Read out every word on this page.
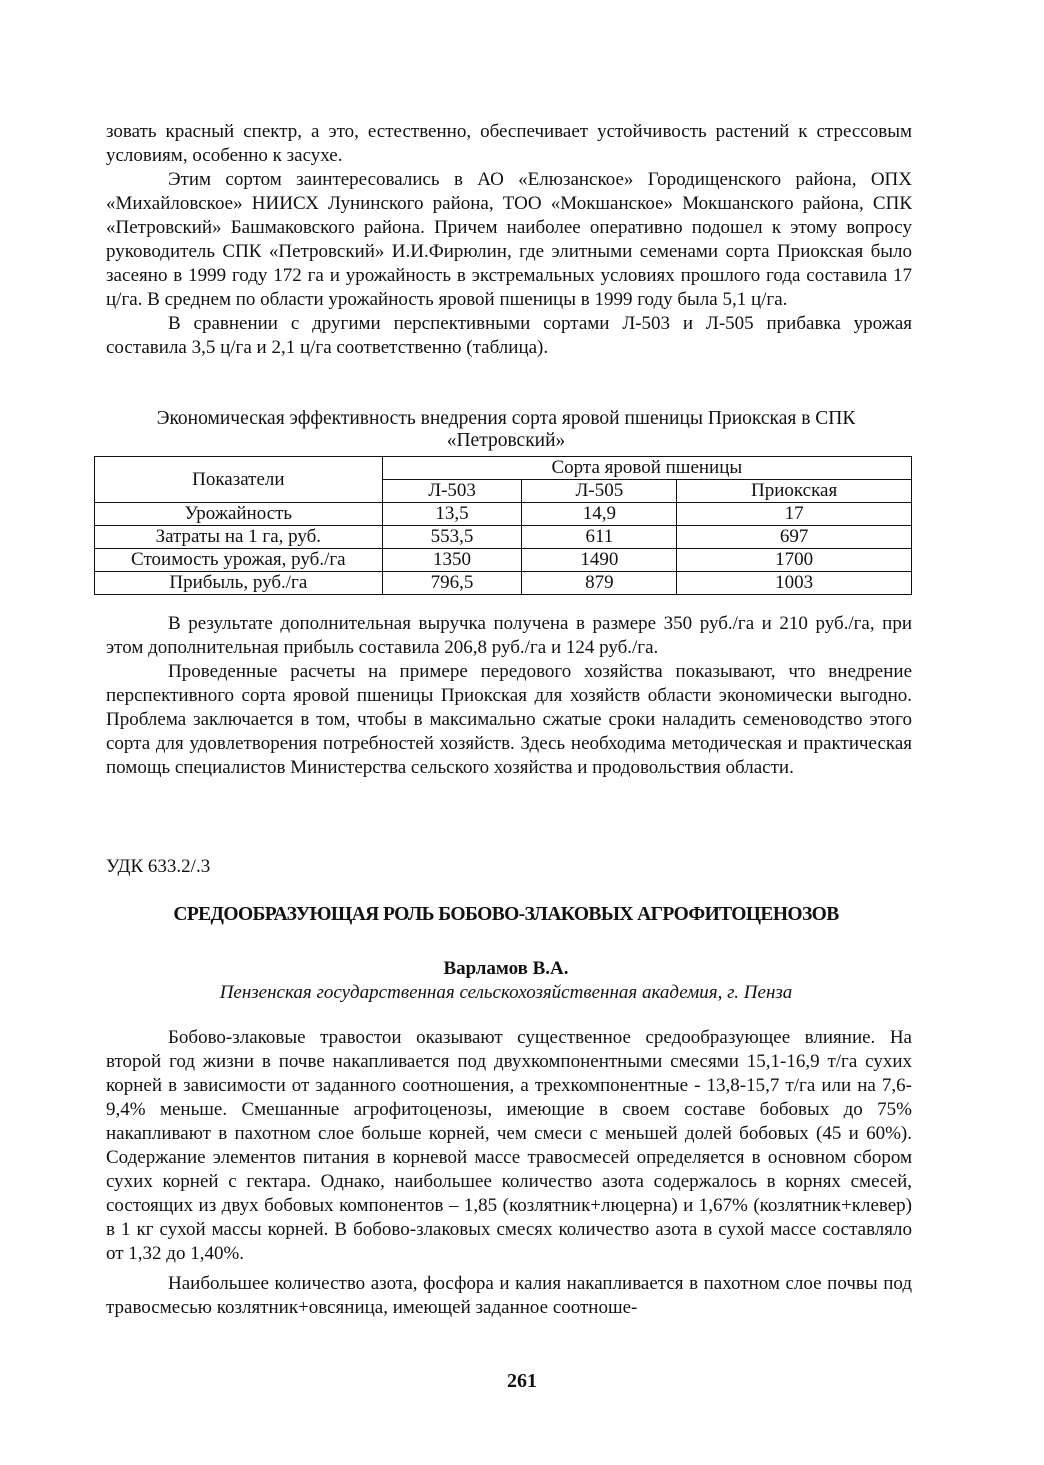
зовать красный спектр, а это, естественно, обеспечивает устойчивость растений к стрессовым условиям, особенно к засухе.

Этим сортом заинтересовались в АО «Елюзанское» Городищенского района, ОПХ «Михайловское» НИИСХ Лунинского района, ТОО «Мокшанское» Мокшанского района, СПК «Петровский» Башмаковского района. Причем наиболее оперативно подошел к этому вопросу руководитель СПК «Петровский» И.И.Фирюлин, где элитными семенами сорта Приокская было засеяно в 1999 году 172 га и урожайность в экстремальных условиях прошлого года составила 17 ц/га. В среднем по области урожайность яровой пшеницы в 1999 году была 5,1 ц/га.

В сравнении с другими перспективными сортами Л-503 и Л-505 прибавка урожая составила 3,5 ц/га и 2,1 ц/га соответственно (таблица).

Экономическая эффективность внедрения сорта яровой пшеницы Приокская в СПК «Петровский»
Показатели	Сорта яровой пшеницы		
	Л-503	Л-505	Приокская
Урожайность	13,5	14,9	17
Затраты на 1 га, руб.	553,5	611	697
Стоимость урожая, руб./га	1350	1490	1700
Прибыль, руб./га	796,5	879	1003

В результате дополнительная выручка получена в размере 350 руб./га и 210 руб./га, при этом дополнительная прибыль составила 206,8 руб./га и 124 руб./га.

Проведенные расчеты на примере передового хозяйства показывают, что внедрение перспективного сорта яровой пшеницы Приокская для хозяйств области экономически выгодно. Проблема заключается в том, чтобы в максимально сжатые сроки наладить семеноводство этого сорта для удовлетворения потребностей хозяйств. Здесь необходима методическая и практическая помощь специалистов Министерства сельского хозяйства и продовольствия области.

УДК 633.2/.3
СРЕДООБРАЗУЮЩАЯ РОЛЬ БОБОВО-ЗЛАКОВЫХ АГРОФИТОЦЕНОЗОВ
Варламов В.А.
Пензенская государственная сельскохозяйственная академия, г. Пенза

Бобово-злаковые травостои оказывают существенное средообразующее влияние. На второй год жизни в почве накапливается под двухкомпонентными смесями 15,1-16,9 т/га сухих корней в зависимости от заданного соотношения, а трехкомпонентные - 13,8-15,7 т/га или на 7,6-9,4% меньше. Смешанные агрофитоценозы, имеющие в своем составе бобовых до 75% накапливают в пахотном слое больше корней, чем смеси с меньшей долей бобовых (45 и 60%). Содержание элементов питания в корневой массе травосмесей определяется в основном сбором сухих корней с гектара. Однако, наибольшее количество азота содержалось в корнях смесей, состоящих из двух бобовых компонентов – 1,85 (козлятник+люцерна) и 1,67% (козлятник+клевер) в 1 кг сухой массы корней. В бобово-злаковых смесях количество азота в сухой массе составляло от 1,32 до 1,40%.

Наибольшее количество азота, фосфора и калия накапливается в пахотном слое почвы под травосмесью козлятник+овсяница, имеющей заданное соотноше-

261
